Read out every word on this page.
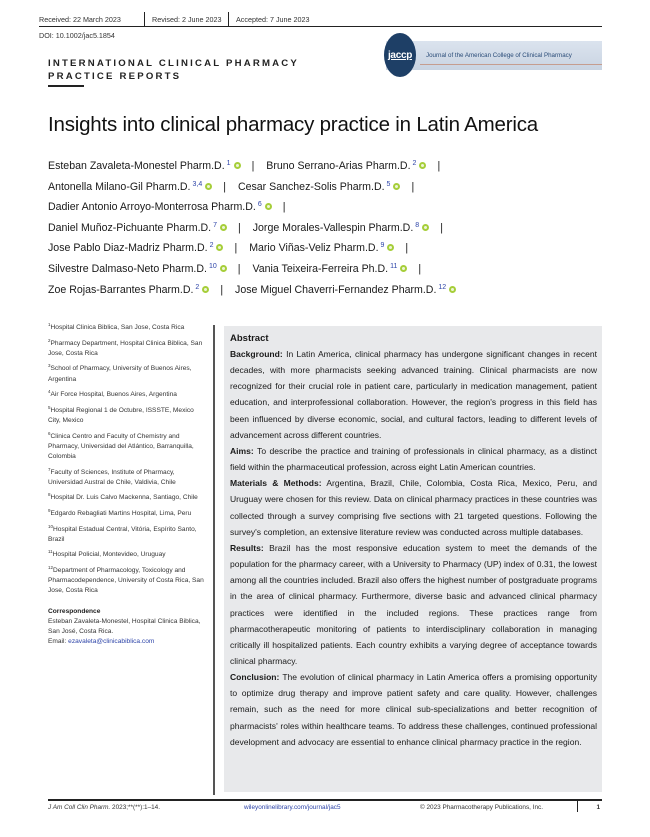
Received: 22 March 2023	Revised: 2 June 2023	Accepted: 7 June 2023
DOI: 10.1002/jac5.1854
INTERNATIONAL CLINICAL PHARMACY PRACTICE REPORTS
jaccp Journal of the American College of Clinical Pharmacy
Insights into clinical pharmacy practice in Latin America
Esteban Zavaleta-Monestel Pharm.D. $^1$ | Bruno Serrano-Arias Pharm.D. $^2$ |
Antonella Milano-Gil Pharm.D. $^{3,4}$ | Cesar Sanchez-Solis Pharm.D. $^5$ |
Dadier Antonio Arroyo-Monterrosa Pharm.D. $^6$ |
Daniel Muñoz-Pichuante Pharm.D. $^7$ | Jorge Morales-Vallespin Pharm.D. $^8$ |
Jose Pablo Diaz-Madriz Pharm.D. $^2$ | Mario Viñas-Veliz Pharm.D. $^9$ |
Silvestre Dalmaso-Neto Pharm.D. $^{10}$ | Vania Teixeira-Ferreira Ph.D. $^{11}$ |
Zoe Rojas-Barrantes Pharm.D. $^2$ | Jose Miguel Chaverri-Fernandez Pharm.D. $^{12}$
$^1$Hospital Clinica Biblica, San Jose, Costa Rica
$^2$Pharmacy Department, Hospital Clinica Biblica, San Jose, Costa Rica
$^3$School of Pharmacy, University of Buenos Aires, Argentina
$^4$Air Force Hospital, Buenos Aires, Argentina
$^5$Hospital Regional 1 de Octubre, ISSSTE, Mexico City, Mexico
$^6$Clinica Centro and Faculty of Chemistry and Pharmacy, Universidad del Atlántico, Barranquilla, Colombia
$^7$Faculty of Sciences, Institute of Pharmacy, Universidad Austral de Chile, Valdivia, Chile
$^8$Hospital Dr. Luis Calvo Mackenna, Santiago, Chile
$^9$Edgardo Rebagliati Martins Hospital, Lima, Peru
$^{10}$Hospital Estadual Central, Vitória, Espírito Santo, Brazil
$^{11}$Hospital Policial, Montevideo, Uruguay
$^{12}$Department of Pharmacology, Toxicology and Pharmacodependence, University of Costa Rica, San Jose, Costa Rica
Correspondence
Esteban Zavaleta-Monestel, Hospital Clinica Biblica, San José, Costa Rica.
Email: ezavaleta@clinicabiblica.com
Abstract

Background: In Latin America, clinical pharmacy has undergone significant changes in recent decades, with more pharmacists seeking advanced training. Clinical pharmacists are now recognized for their crucial role in patient care, particularly in medication management, patient education, and interprofessional collaboration. However, the region's progress in this field has been influenced by diverse economic, social, and cultural factors, leading to different levels of advancement across different countries.

Aims: To describe the practice and training of professionals in clinical pharmacy, as a distinct field within the pharmaceutical profession, across eight Latin American countries.

Materials & Methods: Argentina, Brazil, Chile, Colombia, Costa Rica, Mexico, Peru, and Uruguay were chosen for this review. Data on clinical pharmacy practices in these countries was collected through a survey comprising five sections with 21 targeted questions. Following the survey's completion, an extensive literature review was conducted across multiple databases.

Results: Brazil has the most responsive education system to meet the demands of the population for the pharmacy career, with a University to Pharmacy (UP) index of 0.31, the lowest among all the countries included. Brazil also offers the highest number of postgraduate programs in the area of clinical pharmacy. Furthermore, diverse basic and advanced clinical pharmacy practices were identified in the included regions. These practices range from pharmacotherapeutic monitoring of patients to interdisciplinary collaboration in managing critically ill hospitalized patients. Each country exhibits a varying degree of acceptance towards clinical pharmacy.

Conclusion: The evolution of clinical pharmacy in Latin America offers a promising opportunity to optimize drug therapy and improve patient safety and care quality. However, challenges remain, such as the need for more clinical sub-specializations and better recognition of pharmacists' roles within healthcare teams. To address these challenges, continued professional development and advocacy are essential to enhance clinical pharmacy practice in the region.

J Am Coll Clin Pharm. 2023;**(**):1–14.	wileyonlinelibrary.com/journal/jac5	© 2023 Pharmacotherapy Publications, Inc.	1
